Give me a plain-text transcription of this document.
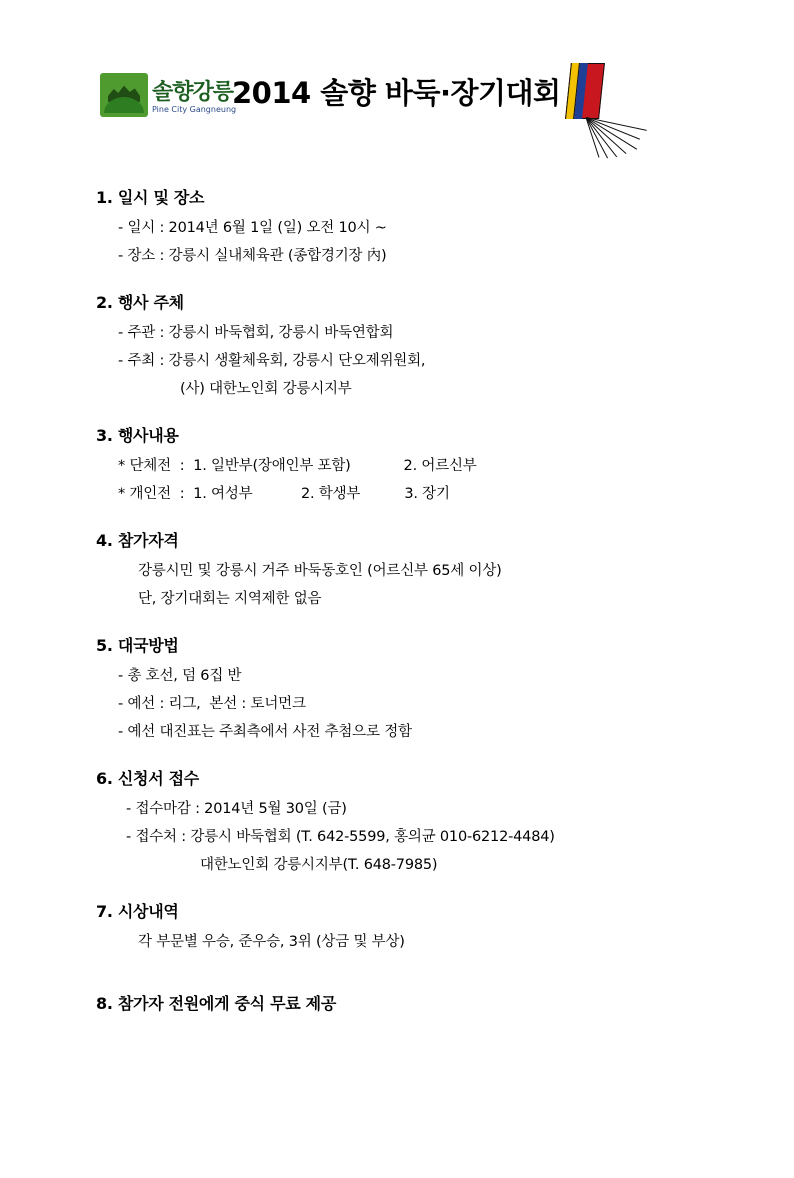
솔향강릉
Pine City Gangneung
2014 솔향 바둑·장기대회
1. 일시 및 장소
- 일시 : 2014년 6월 1일 (일) 오전 10시 ~
- 장소 : 강릉시 실내체육관 (종합경기장 內)
2. 행사 주체
- 주관 : 강릉시 바둑협회, 강릉시 바둑연합회
- 주최 : 강릉시 생활체육회, 강릉시 단오제위원회,
(사) 대한노인회 강릉시지부
3. 행사내용
* 단체전  :  1. 일반부(장애인부 포함)            2. 어르신부
* 개인전  :  1. 여성부           2. 학생부          3. 장기
4. 참가자격
강릉시민 및 강릉시 거주 바둑동호인 (어르신부 65세 이상)
단, 장기대회는 지역제한 없음
5. 대국방법
- 총 호선, 덤 6집 반
- 예선 : 리그,  본선 : 토너먼크
- 예선 대진표는 주최측에서 사전 추첨으로 정함
6. 신청서 접수
- 접수마감 : 2014년 5월 30일 (금)
- 접수처 : 강릉시 바둑협회 (T. 642-5599, 홍의균 010-6212-4484)
대한노인회 강릉시지부(T. 648-7985)
7. 시상내역
각 부문별 우승, 준우승, 3위 (상금 및 부상)
8. 참가자 전원에게 중식 무료 제공
